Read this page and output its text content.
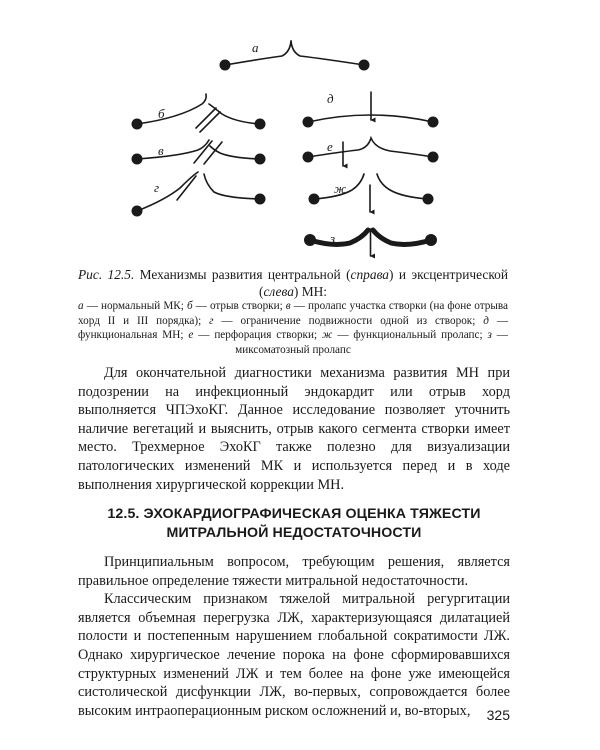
а
б
в
г
д
е
ж
з
Рис. 12.5. Механизмы развития центральной (справа) и эксцентрической (слева) МН:
а — нормальный МК; б — отрыв створки; в — пролапс участка створки (на фоне отрыва хорд II и III порядка); г — ограничение подвижности одной из створок; д — функциональная МН; е — перфорация створки; ж — функциональный пролапс; з — миксоматозный пролапс

Для окончательной диагностики механизма развития МН при подозрении на инфекционный эндокардит или отрыв хорд выполняется ЧПЭхоКГ. Данное исследование позволяет уточнить наличие вегетаций и выяснить, отрыв какого сегмента створки имеет место. Трехмерное ЭхоКГ также полезно для визуализации патологических изменений МК и используется перед и в ходе выполнения хирургической коррекции МН.

12.5. ЭХОКАРДИОГРАФИЧЕСКАЯ ОЦЕНКА ТЯЖЕСТИ
МИТРАЛЬНОЙ НЕДОСТАТОЧНОСТИ

Принципиальным вопросом, требующим решения, является правильное определение тяжести митральной недостаточности.

Классическим признаком тяжелой митральной регургитации является объемная перегрузка ЛЖ, характеризующаяся дилатацией полости и постепенным нарушением глобальной сократимости ЛЖ. Однако хирургическое лечение порока на фоне сформировавшихся структурных изменений ЛЖ и тем более на фоне уже имеющейся систолической дисфункции ЛЖ, во-первых, сопровождается более высоким интраоперационным риском осложнений и, во-вторых,	325
